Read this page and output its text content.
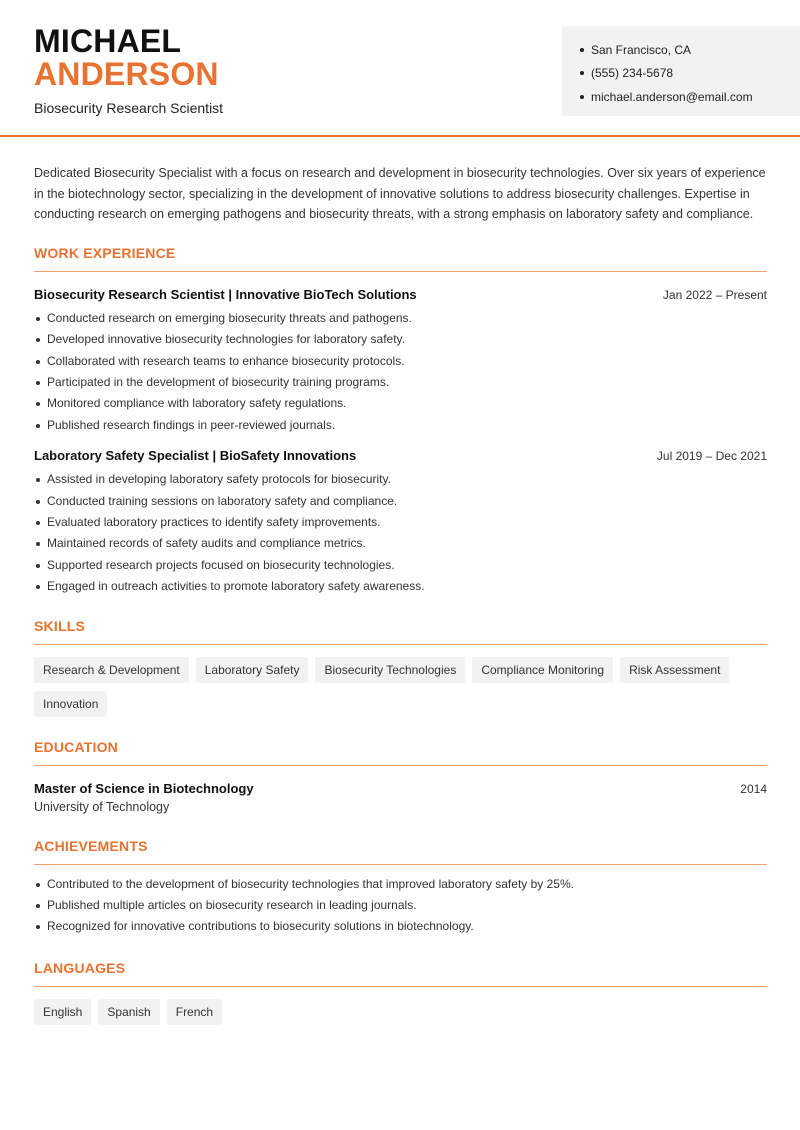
MICHAEL
ANDERSON
Biosecurity Research Scientist
San Francisco, CA
(555) 234-5678
michael.anderson@email.com

Dedicated Biosecurity Specialist with a focus on research and development in biosecurity technologies. Over six years of experience in the biotechnology sector, specializing in the development of innovative solutions to address biosecurity challenges. Expertise in conducting research on emerging pathogens and biosecurity threats, with a strong emphasis on laboratory safety and compliance.

WORK EXPERIENCE
Biosecurity Research Scientist | Innovative BioTech Solutions	Jan 2022 – Present
Conducted research on emerging biosecurity threats and pathogens.
Developed innovative biosecurity technologies for laboratory safety.
Collaborated with research teams to enhance biosecurity protocols.
Participated in the development of biosecurity training programs.
Monitored compliance with laboratory safety regulations.
Published research findings in peer-reviewed journals.
Laboratory Safety Specialist | BioSafety Innovations	Jul 2019 – Dec 2021
Assisted in developing laboratory safety protocols for biosecurity.
Conducted training sessions on laboratory safety and compliance.
Evaluated laboratory practices to identify safety improvements.
Maintained records of safety audits and compliance metrics.
Supported research projects focused on biosecurity technologies.
Engaged in outreach activities to promote laboratory safety awareness.
SKILLS
Research & Development	Laboratory Safety	Biosecurity Technologies	Compliance Monitoring	Risk Assessment
Innovation
EDUCATION
Master of Science in Biotechnology	2014
University of Technology
ACHIEVEMENTS
Contributed to the development of biosecurity technologies that improved laboratory safety by 25%.
Published multiple articles on biosecurity research in leading journals.
Recognized for innovative contributions to biosecurity solutions in biotechnology.
LANGUAGES
English	Spanish	French
